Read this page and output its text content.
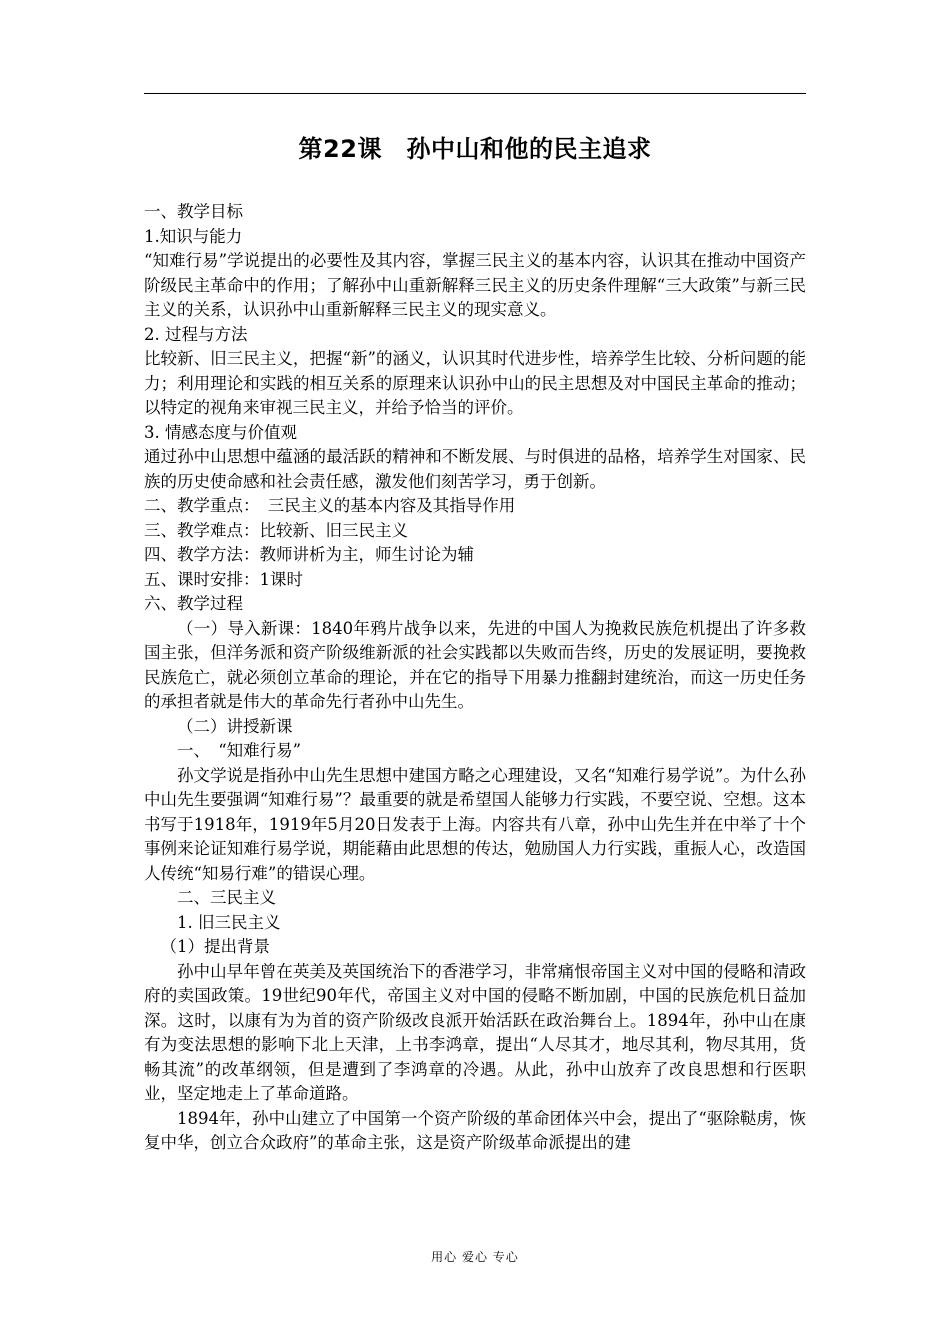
第22课　孙中山和他的民主追求

一、教学目标

1.知识与能力

“知难行易”学说提出的必要性及其内容，掌握三民主义的基本内容，认识其在推动中国资产阶级民主革命中的作用；了解孙中山重新解释三民主义的历史条件理解“三大政策”与新三民主义的关系，认识孙中山重新解释三民主义的现实意义。

2. 过程与方法

比较新、旧三民主义，把握“新”的涵义，认识其时代进步性，培养学生比较、分析问题的能力；利用理论和实践的相互关系的原理来认识孙中山的民主思想及对中国民主革命的推动；以特定的视角来审视三民主义，并给予恰当的评价。

3. 情感态度与价值观

通过孙中山思想中蕴涵的最活跃的精神和不断发展、与时俱进的品格，培养学生对国家、民族的历史使命感和社会责任感，激发他们刻苦学习，勇于创新。

二、教学重点：　三民主义的基本内容及其指导作用

三、教学难点：比较新、旧三民主义

四、教学方法：教师讲析为主，师生讨论为辅

五、课时安排：1课时

六、教学过程

（一）导入新课：1840年鸦片战争以来，先进的中国人为挽救民族危机提出了许多救国主张，但洋务派和资产阶级维新派的社会实践都以失败而告终，历史的发展证明，要挽救民族危亡，就必须创立革命的理论，并在它的指导下用暴力推翻封建统治，而这一历史任务的承担者就是伟大的革命先行者孙中山先生。

（二）讲授新课

一、　“知难行易”

孙文学说是指孙中山先生思想中建国方略之心理建设，又名“知难行易学说”。为什么孙中山先生要强调“知难行易”？最重要的就是希望国人能够力行实践，不要空说、空想。这本书写于1918年，1919年5月20日发表于上海。内容共有八章，孙中山先生并在中举了十个事例来论证知难行易学说，期能藉由此思想的传达，勉励国人力行实践，重振人心，改造国人传统“知易行难”的错误心理。

二、三民主义

1. 旧三民主义

（1）提出背景

孙中山早年曾在英美及英国统治下的香港学习，非常痛恨帝国主义对中国的侵略和清政府的卖国政策。19世纪90年代，帝国主义对中国的侵略不断加剧，中国的民族危机日益加深。这时，以康有为为首的资产阶级改良派开始活跃在政治舞台上。1894年，孙中山在康有为变法思想的影响下北上天津，上书李鸿章，提出“人尽其才，地尽其利，物尽其用，货畅其流”的改革纲领，但是遭到了李鸿章的冷遇。从此，孙中山放弃了改良思想和行医职业，坚定地走上了革命道路。

1894年，孙中山建立了中国第一个资产阶级的革命团体兴中会，提出了“驱除鞑虏，恢复中华，创立合众政府”的革命主张，这是资产阶级革命派提出的建

用心 爱心 专心
